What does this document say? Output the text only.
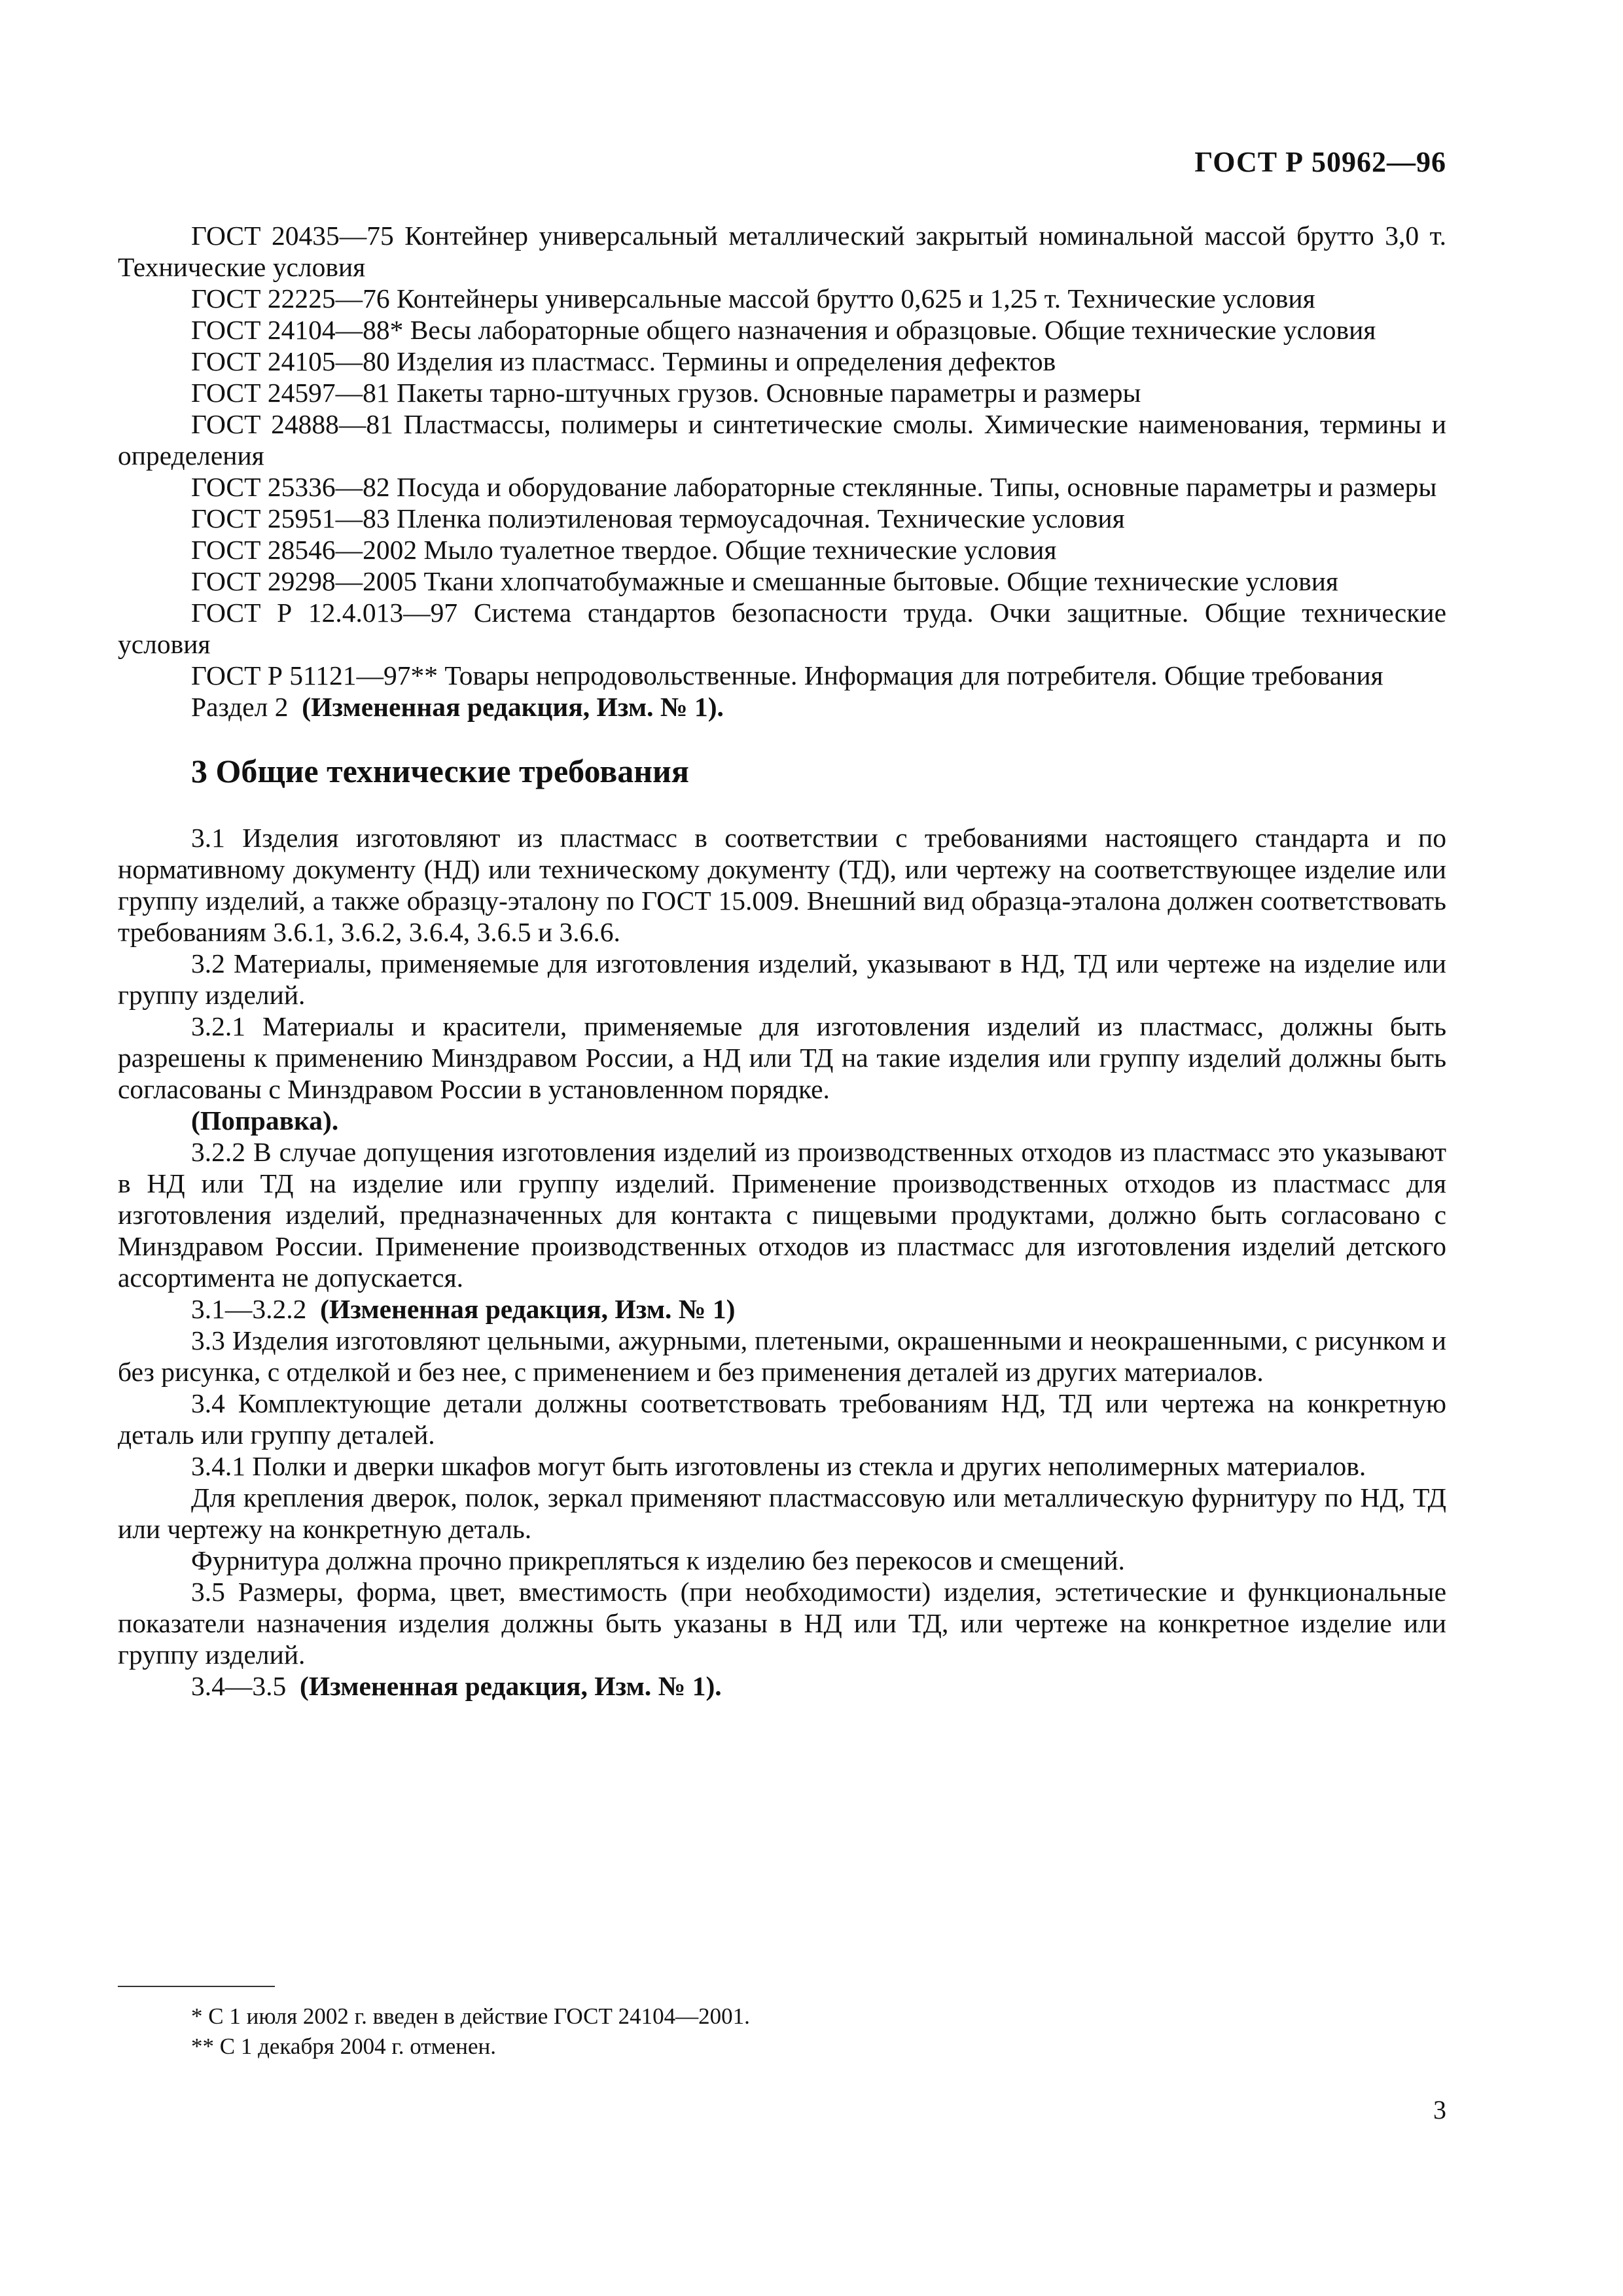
ГОСТ Р 50962—96

ГОСТ 20435—75 Контейнер универсальный металлический закрытый номинальной массой брутто 3,0 т. Технические условия

ГОСТ 22225—76 Контейнеры универсальные массой брутто 0,625 и 1,25 т. Технические условия

ГОСТ 24104—88* Весы лабораторные общего назначения и образцовые. Общие технические условия

ГОСТ 24105—80 Изделия из пластмасс. Термины и определения дефектов

ГОСТ 24597—81 Пакеты тарно-штучных грузов. Основные параметры и размеры

ГОСТ 24888—81 Пластмассы, полимеры и синтетические смолы. Химические наименования, термины и определения

ГОСТ 25336—82 Посуда и оборудование лабораторные стеклянные. Типы, основные параметры и размеры

ГОСТ 25951—83 Пленка полиэтиленовая термоусадочная. Технические условия

ГОСТ 28546—2002 Мыло туалетное твердое. Общие технические условия

ГОСТ 29298—2005 Ткани хлопчатобумажные и смешанные бытовые. Общие технические условия

ГОСТ Р 12.4.013—97 Система стандартов безопасности труда. Очки защитные. Общие технические условия

ГОСТ Р 51121—97** Товары непродовольственные. Информация для потребителя. Общие требования

Раздел 2 (Измененная редакция, Изм. № 1).

3 Общие технические требования

3.1 Изделия изготовляют из пластмасс в соответствии с требованиями настоящего стандарта и по нормативному документу (НД) или техническому документу (ТД), или чертежу на соответствующее изделие или группу изделий, а также образцу-эталону по ГОСТ 15.009. Внешний вид образца-эталона должен соответствовать требованиям 3.6.1, 3.6.2, 3.6.4, 3.6.5 и 3.6.6.

3.2 Материалы, применяемые для изготовления изделий, указывают в НД, ТД или чертеже на изделие или группу изделий.

3.2.1 Материалы и красители, применяемые для изготовления изделий из пластмасс, должны быть разрешены к применению Минздравом России, а НД или ТД на такие изделия или группу изделий должны быть согласованы с Минздравом России в установленном порядке.

(Поправка).

3.2.2 В случае допущения изготовления изделий из производственных отходов из пластмасс это указывают в НД или ТД на изделие или группу изделий. Применение производственных отходов из пластмасс для изготовления изделий, предназначенных для контакта с пищевыми продуктами, должно быть согласовано с Минздравом России. Применение производственных отходов из пластмасс для изготовления изделий детского ассортимента не допускается.

3.1—3.2.2 (Измененная редакция, Изм. № 1)

3.3 Изделия изготовляют цельными, ажурными, плетеными, окрашенными и неокрашенными, с рисунком и без рисунка, с отделкой и без нее, с применением и без применения деталей из других материалов.

3.4 Комплектующие детали должны соответствовать требованиям НД, ТД или чертежа на конкретную деталь или группу деталей.

3.4.1 Полки и дверки шкафов могут быть изготовлены из стекла и других неполимерных материалов.

Для крепления дверок, полок, зеркал применяют пластмассовую или металлическую фурнитуру по НД, ТД или чертежу на конкретную деталь.

Фурнитура должна прочно прикрепляться к изделию без перекосов и смещений.

3.5 Размеры, форма, цвет, вместимость (при необходимости) изделия, эстетические и функциональные показатели назначения изделия должны быть указаны в НД или ТД, или чертеже на конкретное изделие или группу изделий.

3.4—3.5 (Измененная редакция, Изм. № 1).

* С 1 июля 2002 г. введен в действие ГОСТ 24104—2001.

** С 1 декабря 2004 г. отменен.

3
